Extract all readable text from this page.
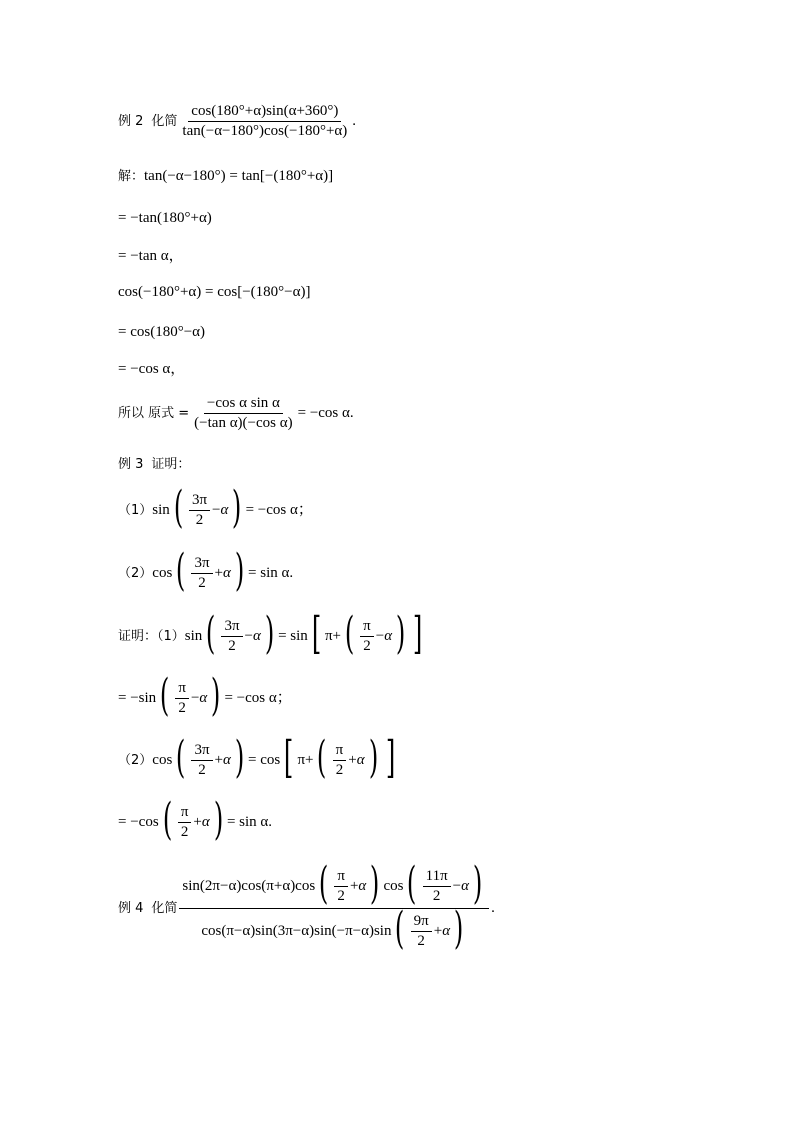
例 2 化简 $\frac{\cos(180^\circ+\alpha)\sin(\alpha+360^\circ)}{\tan(-\alpha-180^\circ)\cos(-180^\circ+\alpha)}$ .
解： tan(−α−180°) = tan[−(180°+α)]
= −tan(180°+α)
= −tan α，
cos(−180°+α) = cos[−(180°−α)]
= cos(180°−α)
= −cos α，
所以 原式 = $\frac{\text{−cos α sin α}}{\text{(−tan α)(−cos α)}} = -\cos$ α.
例 3 证明：
（1） sin ( $\frac{3\pi}{2} - \alpha$ ) = −cos α；
（2） cos ( $\frac{3\pi}{2} + \alpha$ ) = sin α.
证明：（1） sin ( $\frac{3\pi}{2} - \alpha$ ) = sin [ π+ ( $\frac{\pi}{2} - \alpha$ ) ]
= −sin ( $\frac{\pi}{2} - \alpha$ ) = −cos α；
（2） cos ( $\frac{3\pi}{2} + \alpha$ ) = cos [ π+ ( $\frac{\pi}{2} + \alpha$ ) ]
= −cos ( $\frac{\pi}{2} + \alpha$ ) = sin α.
例 4 化简
sin(2π−α)cos(π+α)cos ( $\frac{\pi}{2} + \alpha$ ) cos ( $\frac{11\pi}{2} - \alpha$ )
cos(π−α)sin(3π−α)sin(−π−α)sin ( $\frac{9\pi}{2} + \alpha$ ) .
